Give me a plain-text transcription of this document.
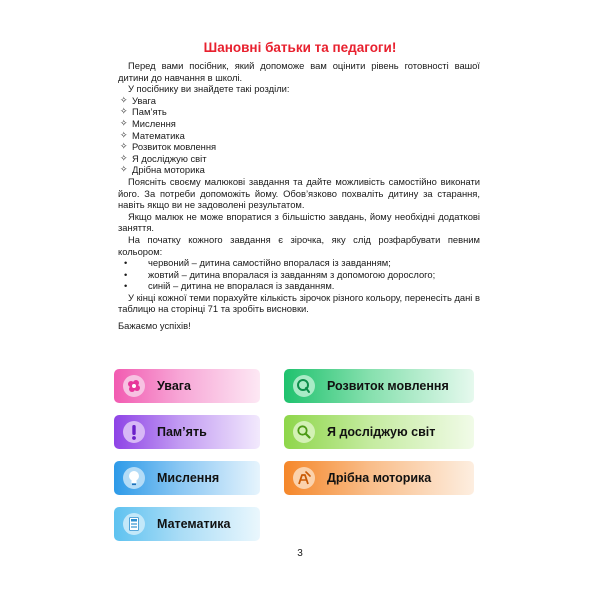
Шановні батьки та педагоги!

Перед вами посібник, який допоможе вам оцінити рівень готовності вашої дитини до навчання в школі.

У посібнику ви знайдете такі розділи:

✧ Увага
✧ Пам’ять
✧ Мислення
✧ Математика
✧ Розвиток мовлення
✧ Я досліджую світ
✧ Дрібна моторика

Поясніть своєму малюкові завдання та дайте можливість самостійно виконати його. За потреби допоможіть йому. Обов’язково похваліть дитину за старання, навіть якщо ви не задоволені результатом.

Якщо малюк не може впоратися з більшістю завдань, йому необхідні додаткові заняття.

На початку кожного завдання є зірочка, яку слід розфарбувати певним кольором:

• червоний – дитина самостійно впоралася із завданням;
• жовтий – дитина впоралася із завданням з допомогою дорослого;
• синій – дитина не впоралася із завданням.

У кінці кожної теми порахуйте кількість зірочок різного кольору, перенесіть дані в таблицю на сторінці 71 та зробіть висновки.

Бажаємо успіхів!

Увага
Пам’ять
Мислення
Математика
Розвиток мовлення
Я досліджую світ
Дрібна моторика
3
